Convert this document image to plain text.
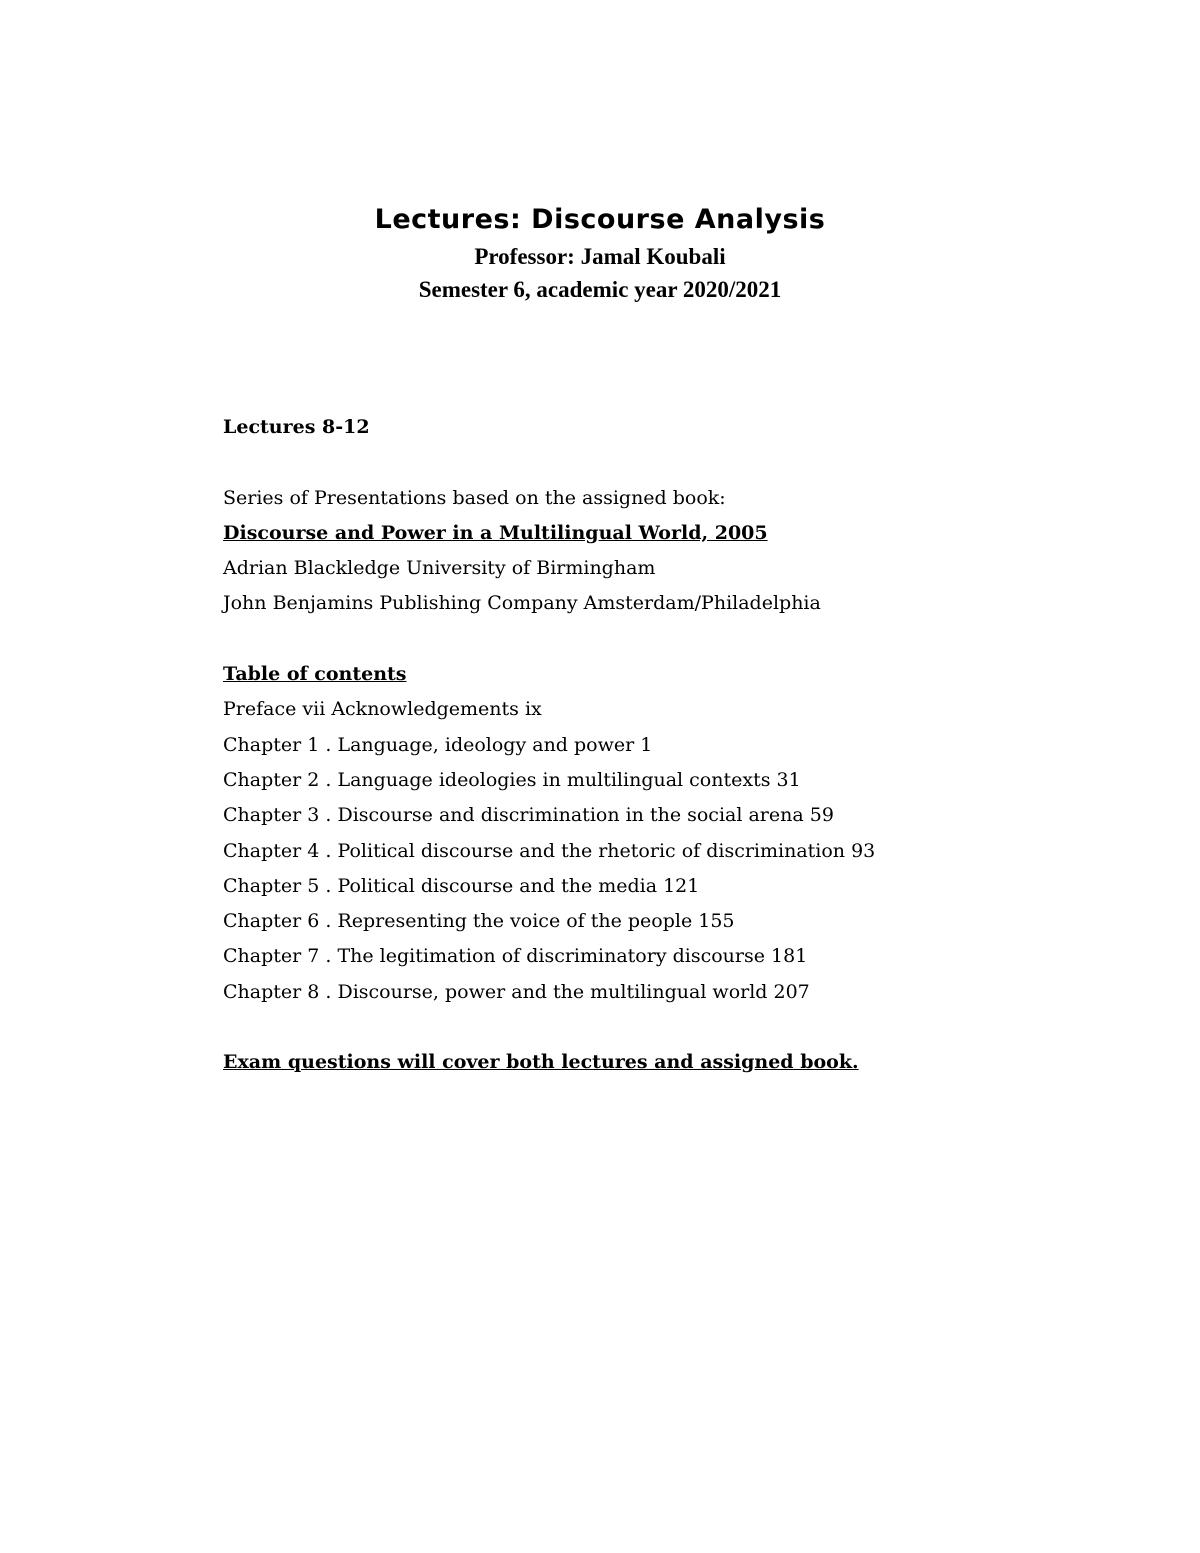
Lectures: Discourse Analysis
Professor: Jamal Koubali
Semester 6, academic year 2020/2021
Lectures 8-12
Series of Presentations based on the assigned book:
Discourse and Power in a Multilingual World, 2005
Adrian Blackledge University of Birmingham
John Benjamins Publishing Company Amsterdam/Philadelphia
Table of contents
Preface vii Acknowledgements ix
Chapter 1 . Language, ideology and power 1
Chapter 2 . Language ideologies in multilingual contexts 31
Chapter 3 . Discourse and discrimination in the social arena 59
Chapter 4 . Political discourse and the rhetoric of discrimination 93
Chapter 5 . Political discourse and the media 121
Chapter 6 . Representing the voice of the people 155
Chapter 7 . The legitimation of discriminatory discourse 181
Chapter 8 . Discourse, power and the multilingual world 207
Exam questions will cover both lectures and assigned book.
